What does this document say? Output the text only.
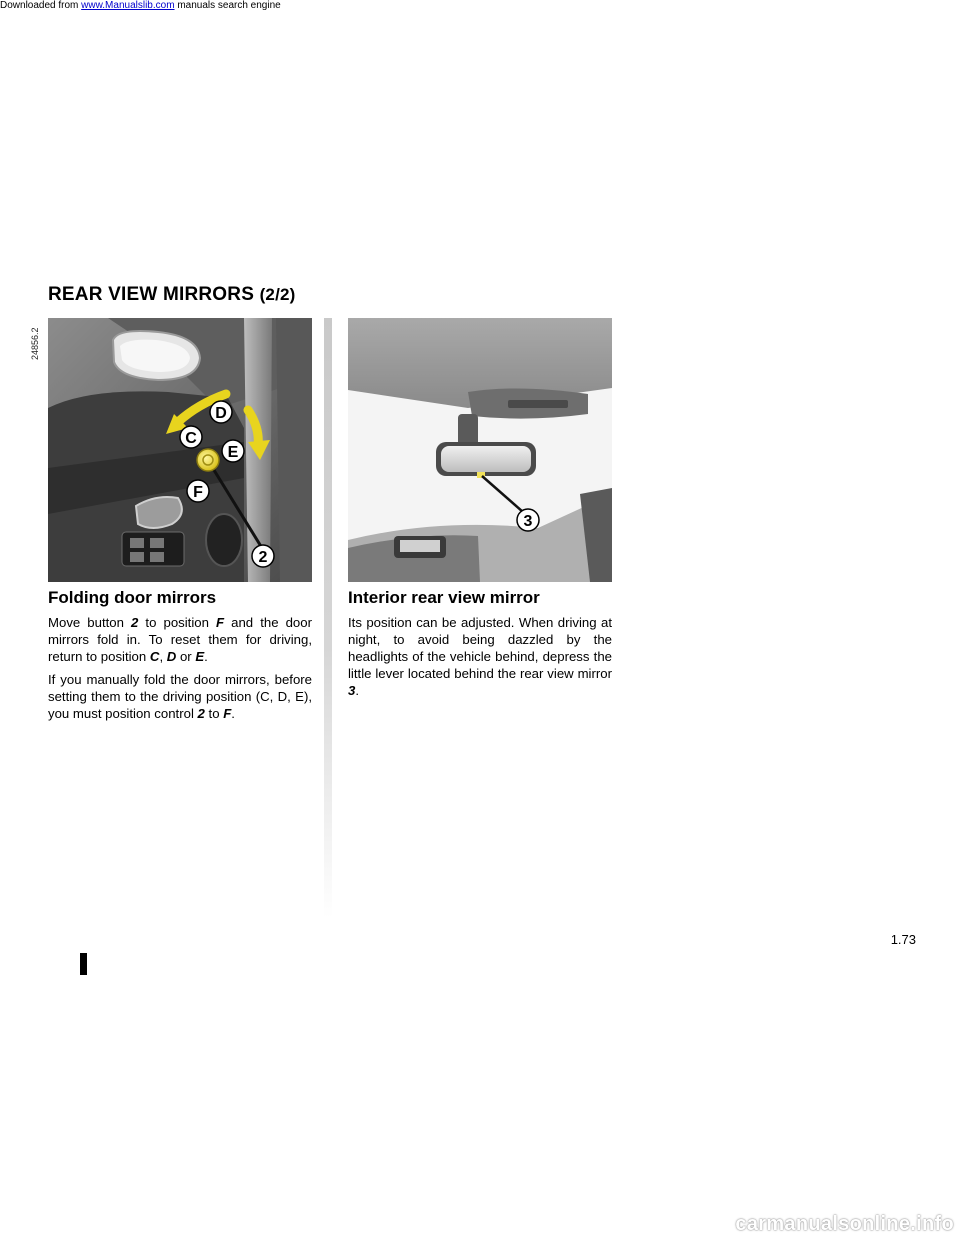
Downloaded from www.Manualslib.com manuals search engine
REAR VIEW MIRRORS (2/2)
24856.2
D
C
E
F
2
3
Folding door mirrors

Move button 2 to position F and the door mirrors fold in. To reset them for driving, return to position C, D or E.

If you manually fold the door mirrors, before setting them to the driving position (C, D, E), you must position control 2 to F.

Interior rear view mirror

Its position can be adjusted. When driving at night, to avoid being dazzled by the headlights of the vehicle behind, depress the little lever located behind the rear view mirror 3.

1.73
carmanualsonline.info
